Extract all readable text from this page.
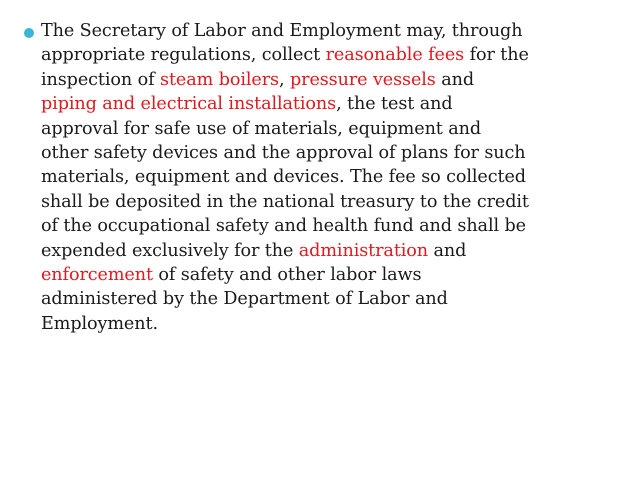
The Secretary of Labor and Employment may, through
appropriate regulations, collect reasonable fees for the
inspection of steam boilers, pressure vessels and
piping and electrical installations, the test and
approval for safe use of materials, equipment and
other safety devices and the approval of plans for such
materials, equipment and devices. The fee so collected
shall be deposited in the national treasury to the credit
of the occupational safety and health fund and shall be
expended exclusively for the administration and
enforcement of safety and other labor laws
administered by the Department of Labor and
Employment.
